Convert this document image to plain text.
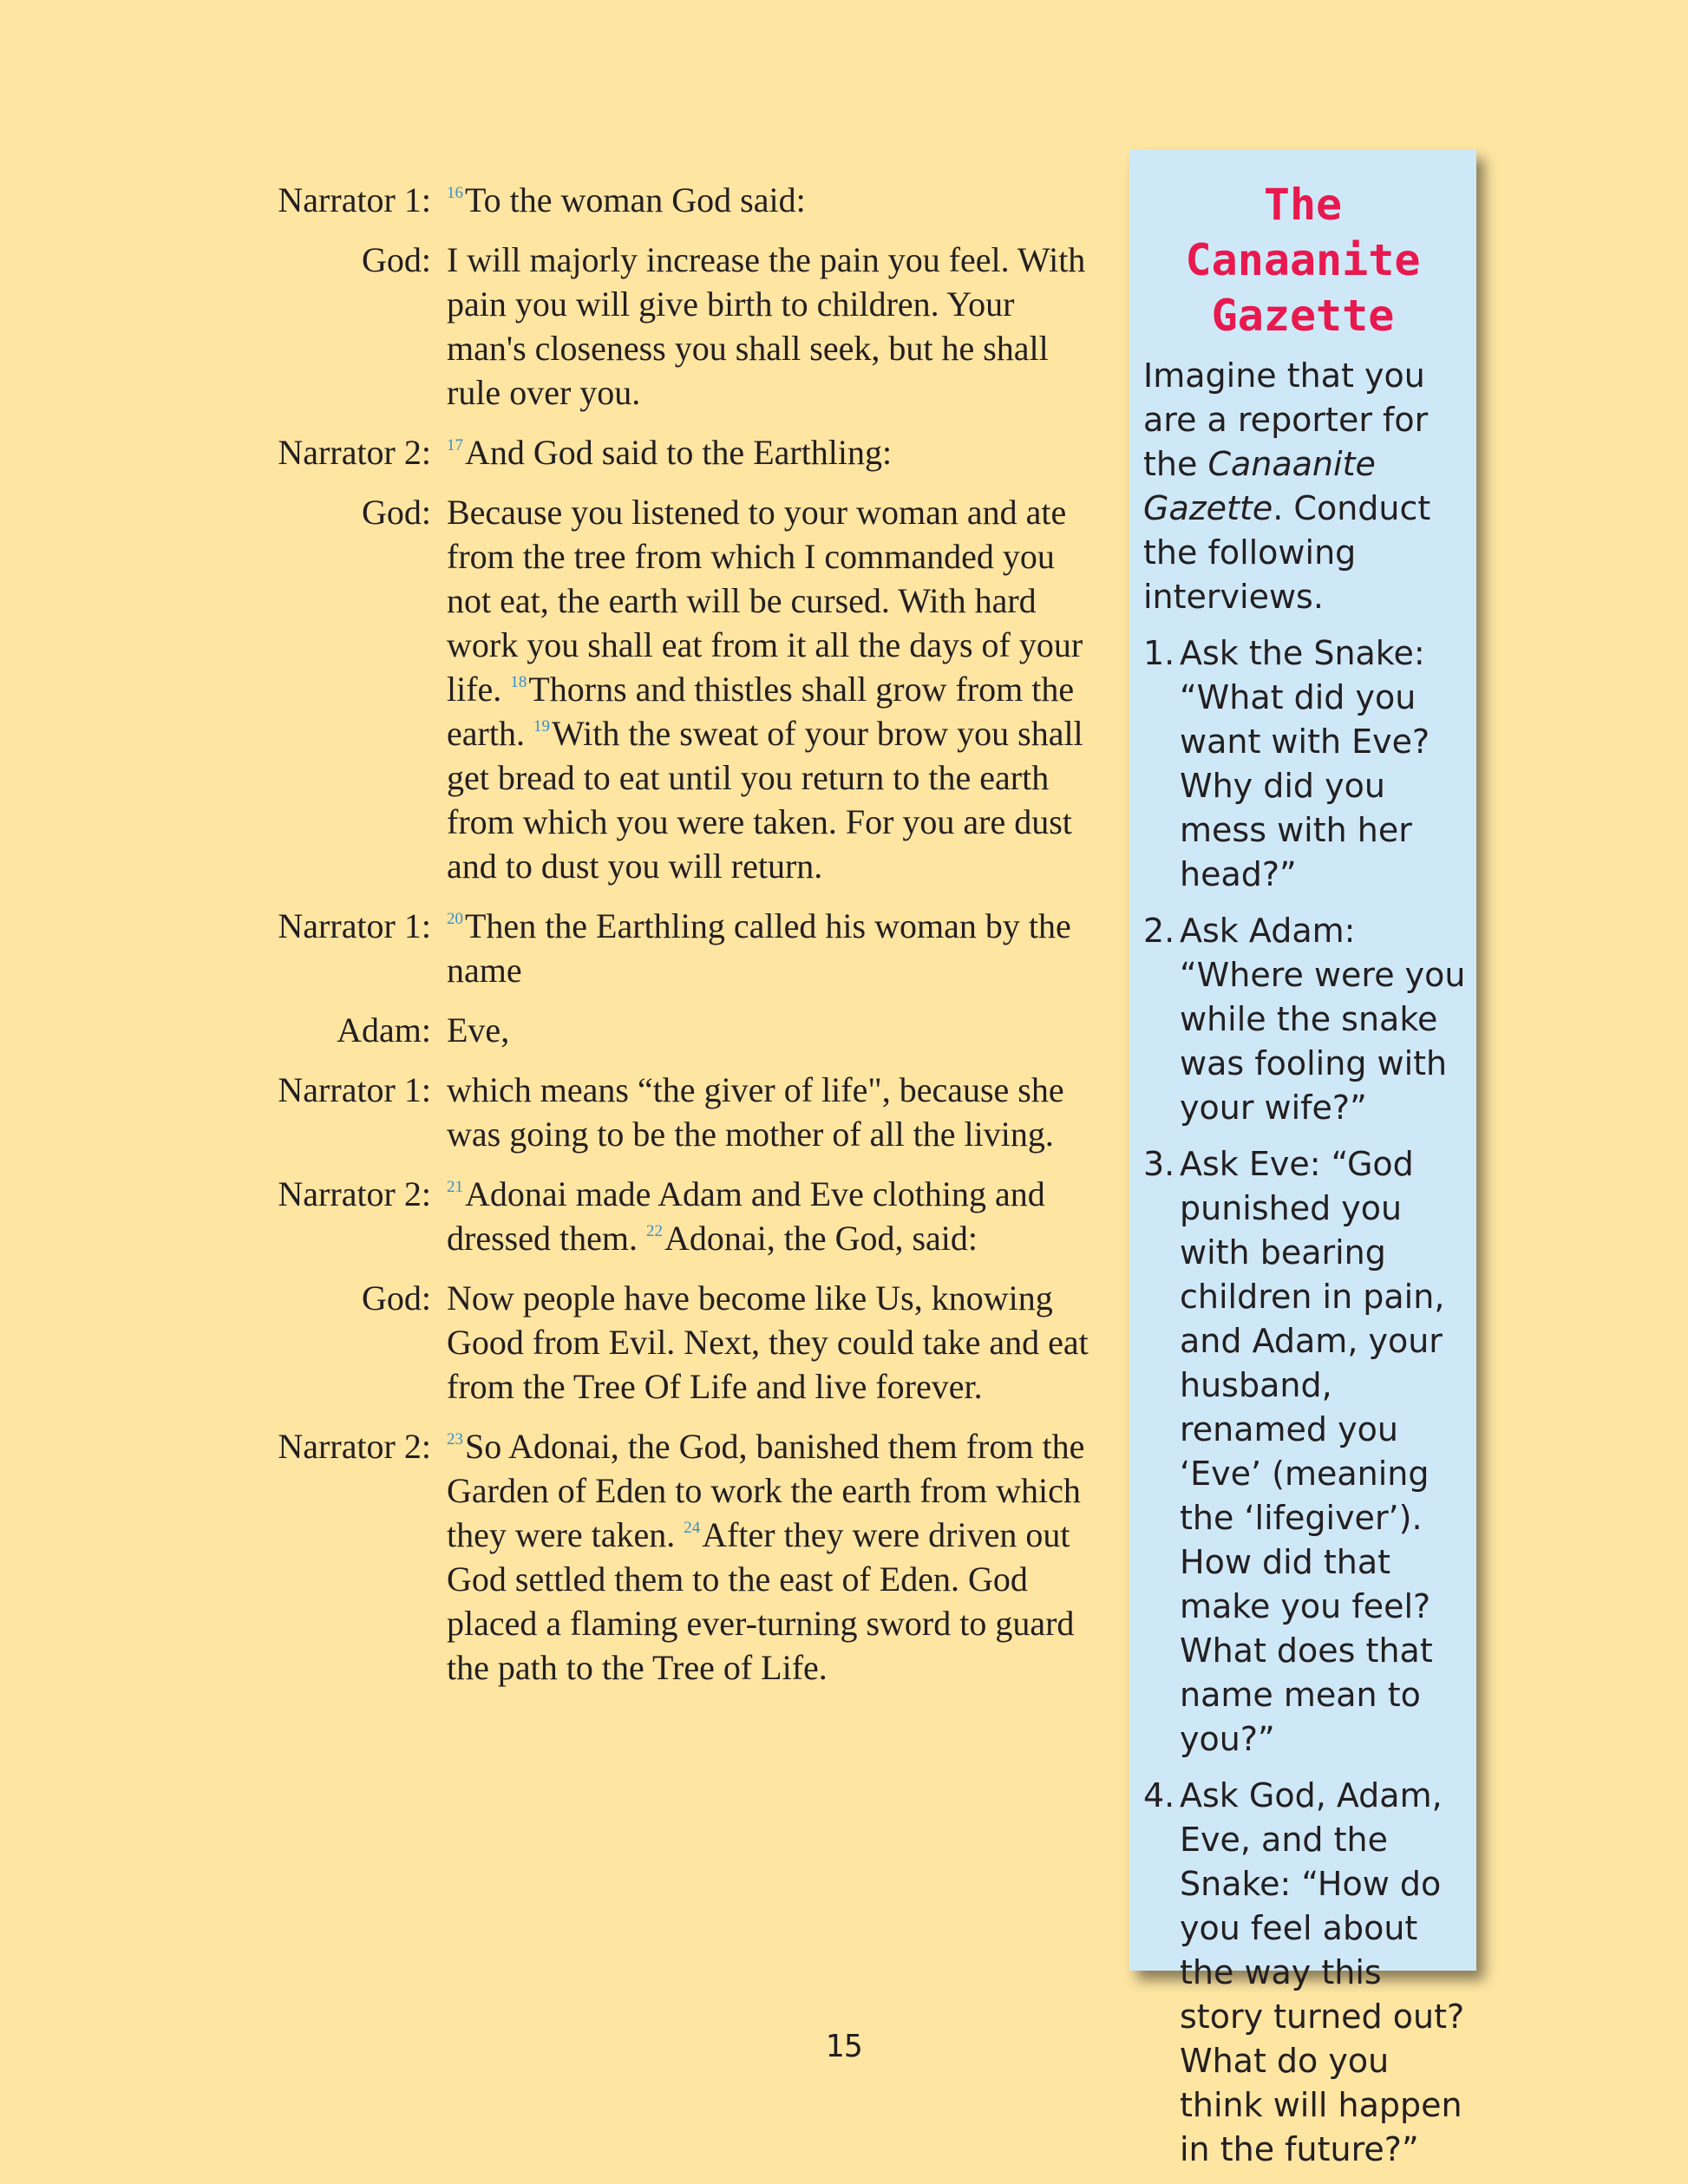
Narrator 1: $^{16}$To the woman God said:
God: I will majorly increase the pain you feel. With pain you will give birth to children. Your man's closeness you shall seek, but he shall rule over you.
Narrator 2: $^{17}$And God said to the Earthling:
God: Because you listened to your woman and ate from the tree from which I commanded you not eat, the earth will be cursed. With hard work you shall eat from it all the days of your life. $^{18}$Thorns and thistles shall grow from the earth. $^{19}$With the sweat of your brow you shall get bread to eat until you return to the earth from which you were taken. For you are dust and to dust you will return.
Narrator 1: $^{20}$Then the Earthling called his woman by the name
Adam: Eve,
Narrator 1: which means “the giver of life", because she was going to be the mother of all the living.
Narrator 2: $^{21}$Adonai made Adam and Eve clothing and dressed them. $^{22}$Adonai, the God, said:
God: Now people have become like Us, knowing Good from Evil. Next, they could take and eat from the Tree Of Life and live forever.
Narrator 2: $^{23}$So Adonai, the God, banished them from the Garden of Eden to work the earth from which they were taken. $^{24}$After they were driven out God settled them to the east of Eden. God placed a flaming ever-turning sword to guard the path to the Tree of Life.
The
Canaanite
Gazette
Imagine that you are a reporter for the Canaanite Gazette. Conduct the following interviews.
1. Ask the Snake: “What did you want with Eve? Why did you mess with her head?”
2. Ask Adam: “Where were you while the snake was fooling with your wife?”
3. Ask Eve: “God punished you with bearing children in pain, and Adam, your husband, renamed you ‘Eve’ (meaning the ‘lifegiver’). How did that make you feel? What does that name mean to you?”
4. Ask God, Adam, Eve, and the Snake: “How do you feel about the way this story turned out? What do you think will happen in the future?”
15
